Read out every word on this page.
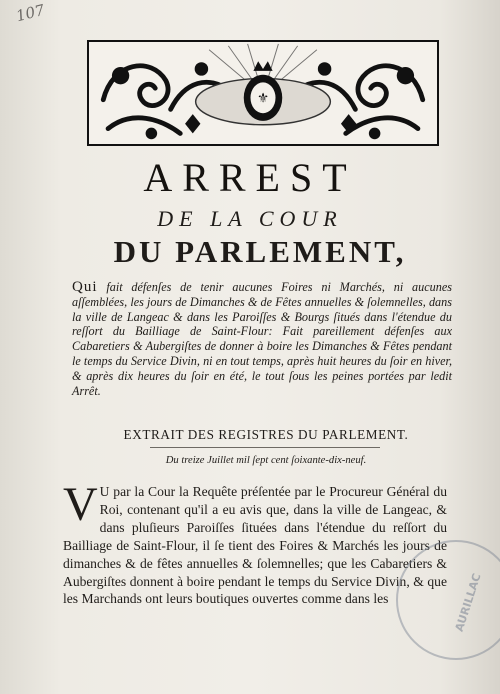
107
⚜
ARREST
DE LA COUR
DU PARLEMENT,
Qui fait défenſes de tenir aucunes Foires ni Marchés, ni aucunes aſſemblées, les jours de Dimanches & de Fêtes annuelles & ſolemnelles, dans la ville de Langeac & dans les Paroiſſes & Bourgs ſitués dans l'étendue du reſſort du Bailliage de Saint-Flour: Fait pareillement défenſes aux Cabaretiers & Aubergiſtes de donner à boire les Dimanches & Fêtes pendant le temps du Service Divin, ni en tout temps, après huit heures du ſoir en hiver, & après dix heures du ſoir en été, le tout ſous les peines portées par ledit Arrêt.
EXTRAIT DES REGISTRES DU PARLEMENT.
Du treize Juillet mil ſept cent ſoixante-dix-neuf.
V U par la Cour la Requête préſentée par le Procureur Général du Roi, contenant qu'il a eu avis que, dans la ville de Langeac, & dans pluſieurs Paroiſſes ſituées dans l'étendue du reſſort du Bailliage de Saint-Flour, il ſe tient des Foires & Marchés les jours de dimanches & de fêtes annuelles & ſolemnelles; que les Cabaretiers & Aubergiſtes donnent à boire pendant le temps du Service Divin, & que les Marchands ont leurs boutiques ouvertes comme dans les	AURILLAC
